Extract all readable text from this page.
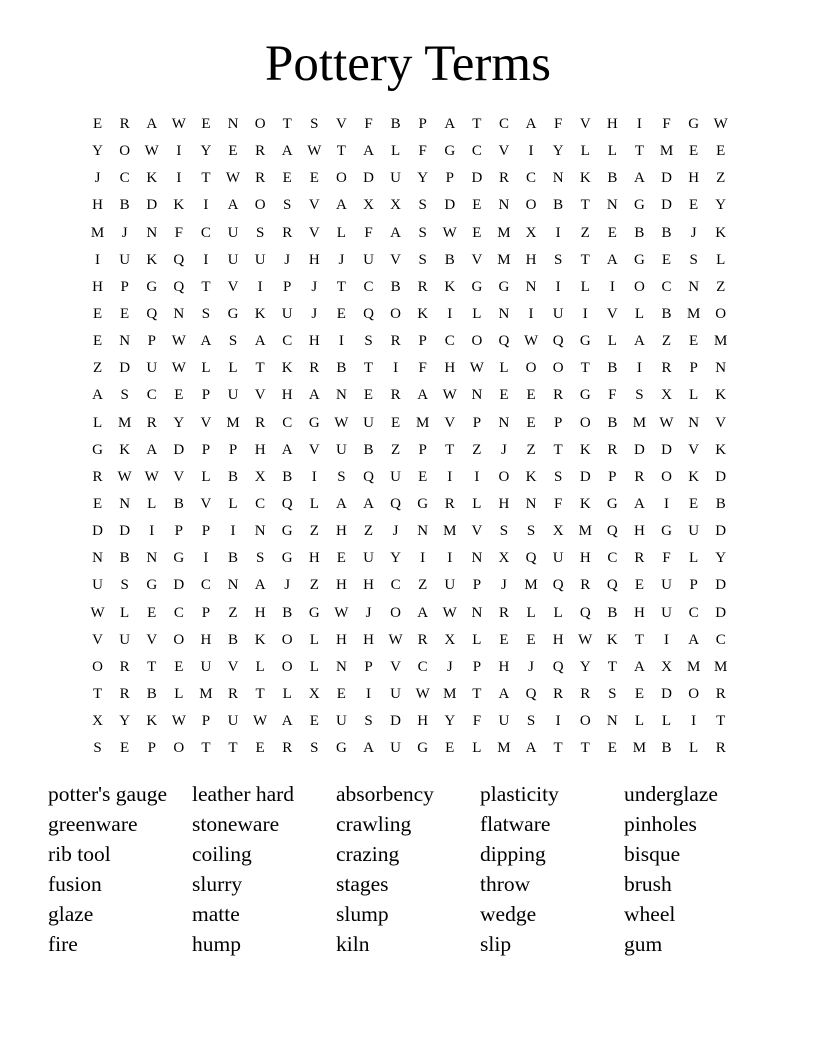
Pottery Terms
E	R	A W	E	N	O	T	S	V	F	B	P	A	T	C	A	F	V	H	I	F	G W
Y	O W	I	Y	E	R	A W	T	A	L	F	G	C	V	I	Y	L	L	T	M	E	E
J	C	K	I	T	W	R	E	E	O	D	U	Y	P	D	R	C	N	K	B	A	D	H	Z
H	B	D	K	I	A	O	S	V	A	X	X	S	D	E	N	O	B	T	N	G	D	E	Y
M	J	N	F	C	U	S	R	V	L	F	A	S	W	E	M	X	I	Z	E	B	B	J	K
I	U	K	Q	I	U	U	J	H	J	U	V	S	B	V	M	H	S	T	A	G	E	S	L
H	P	G	Q	T	V	I	P	J	T	C	B	R	K	G	G	N	I	L	I	O	C	N	Z
E	E	Q	N	S	G	K	U	J	E	Q	O	K	I	L	N	I	U	I	V	L	B	M	O
E	N	P	W A	S	A	C	H	I	S	R	P	C	O	Q W Q	G	L	A	Z	E	M
Z	D	U W	L	L	T	K	R	B	T	I	F	H W	L	O	O	T	B	I	R	P	N
A	S	C	E	P	U	V	H	A	N	E	R	A W N	E	E	R	G	F	S	X	L	K
L	M	R	Y	V	M	R	C	G W U	E	M	V	P	N	E	P	O	B	M W N	V
G	K	A	D	P	P	H	A	V	U	B	Z	P	T	Z	J	Z	T	K	R	D	D	V	K
R	W W V	L	B	X	B	I	S	Q	U	E	I	I	O	K	S	D	P	R	O	K	D
E	N	L	B	V	L	C	Q	L	A	A	Q	G	R	L	H	N	F	K	G	A	I	E	B
D	D	I	P	P	I	N	G	Z	H	Z	J	N	M	V	S	S	X	M	Q	H	G	U	D
N	B	N	G	I	B	S	G	H	E	U	Y	I	I	N	X	Q	U	H	C	R	F	L	Y
U	S	G	D	C	N	A	J	Z	H	H	C	Z	U	P	J	M	Q	R	Q	E	U	P	D
W	L	E	C	P	Z	H	B	G W	J	O	A W N	R	L	L	Q	B	H	U	C	D
V	U	V	O	H	B	K	O	L	H	H W	R	X	L	E	E	H W K	T	I	A	C
O	R	T	E	U	V	L	O	L	N	P	V	C	J	P	H	J	Q	Y	T	A	X	M M
T	R	B	L	M	R	T	L	X	E	I	U W M	T	A	Q	R	R	S	E	D	O	R
X	Y	K W	P	U W A	E	U	S	D	H	Y	F	U	S	I	O	N	L	L	I	T
S	E	P	O	T	T	E	R	S	G	A	U	G	E	L	M	A	T	T	E	M	B	L	R
potter's gauge	leather hard	absorbency	plasticity	underglaze
greenware	stoneware	crawling	flatware	pinholes
rib tool	coiling	crazing	dipping	bisque
fusion	slurry	stages	throw	brush
glaze	matte	slump	wedge	wheel
fire	hump	kiln	slip	gum
